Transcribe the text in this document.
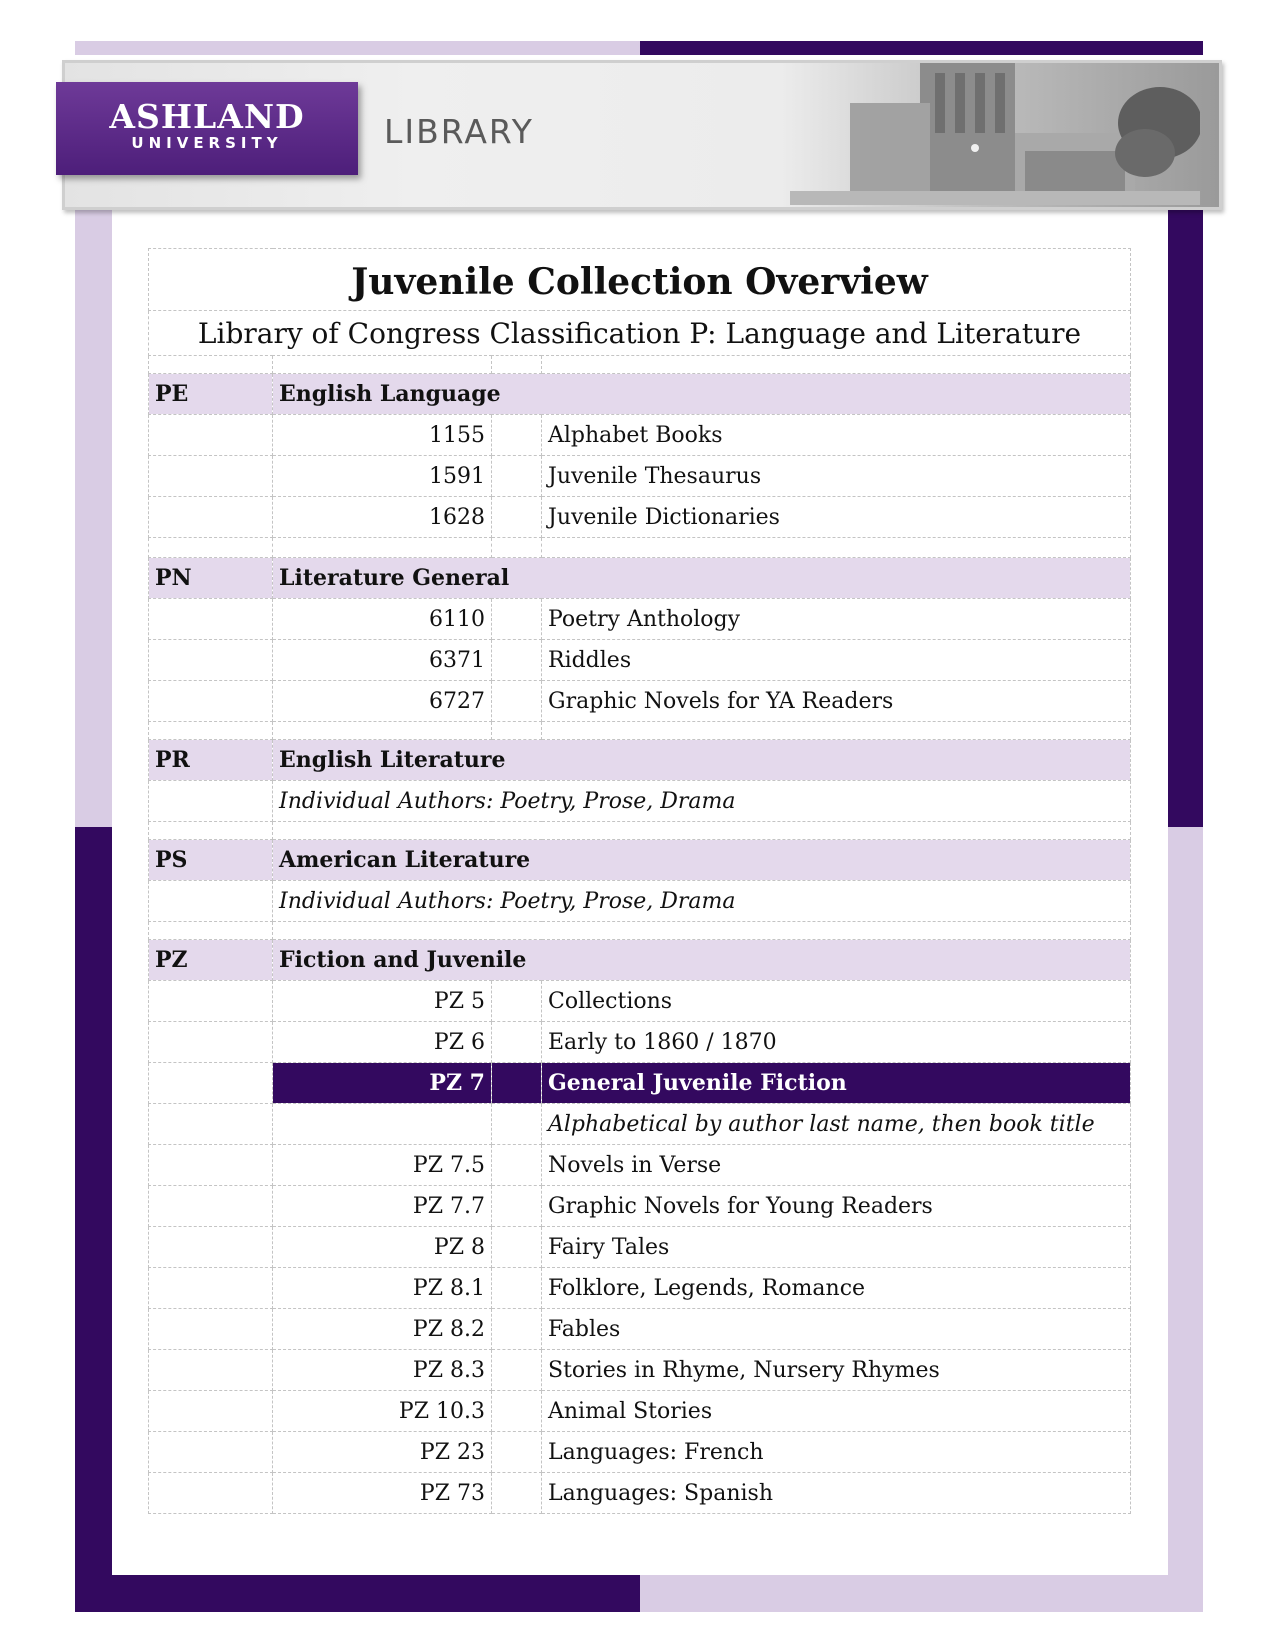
ASHLAND
UNIVERSITY	LIBRARY
Juvenile Collection Overview			
Library of Congress Classification P: Language and Literature			

PE	English Language		
	1155		Alphabet Books
	1591		Juvenile Thesaurus
	1628		Juvenile Dictionaries

PN	Literature General		
	6110		Poetry Anthology
	6371		Riddles
	6727		Graphic Novels for YA Readers

PR	English Literature		
	Individual Authors: Poetry, Prose, Drama		

PS	American Literature		
	Individual Authors: Poetry, Prose, Drama		

PZ	Fiction and Juvenile		
	PZ 5		Collections
	PZ 6		Early to 1860 / 1870
	PZ 7		General Juvenile Fiction
			Alphabetical by author last name, then book title
	PZ 7.5		Novels in Verse
	PZ 7.7		Graphic Novels for Young Readers
	PZ 8		Fairy Tales
	PZ 8.1		Folklore, Legends, Romance
	PZ 8.2		Fables
	PZ 8.3		Stories in Rhyme, Nursery Rhymes
	PZ 10.3		Animal Stories
	PZ 23		Languages: French
	PZ 73		Languages: Spanish
